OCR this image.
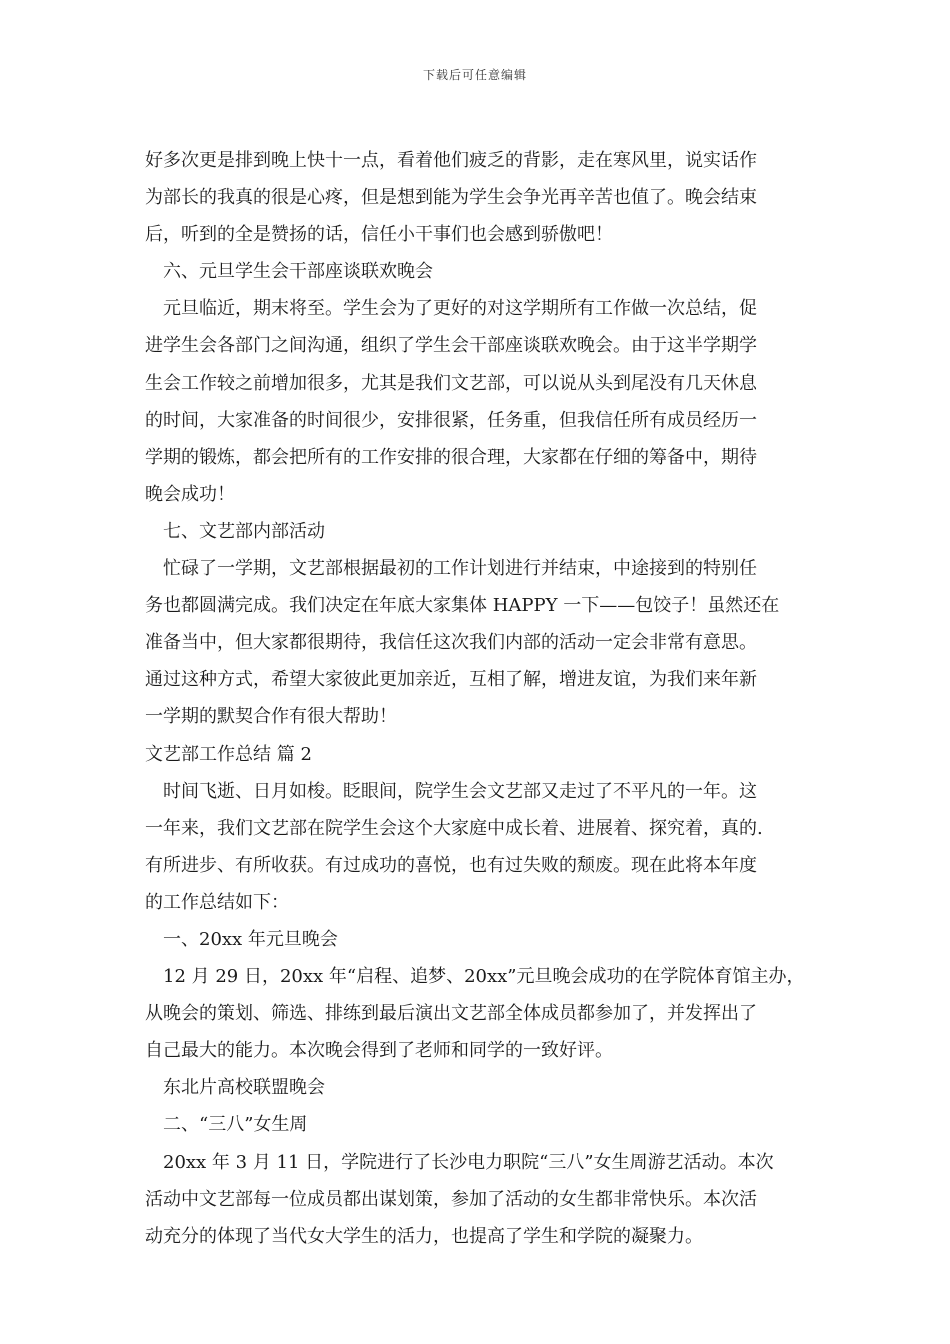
下载后可任意编辑
好多次更是排到晚上快十一点，看着他们疲乏的背影，走在寒风里，说实话作
为部长的我真的很是心疼，但是想到能为学生会争光再辛苦也值了。晚会结束
后，听到的全是赞扬的话，信任小干事们也会感到骄傲吧！
六、元旦学生会干部座谈联欢晚会
元旦临近，期末将至。学生会为了更好的对这学期所有工作做一次总结，促
进学生会各部门之间沟通，组织了学生会干部座谈联欢晚会。由于这半学期学
生会工作较之前增加很多，尤其是我们文艺部，可以说从头到尾没有几天休息
的时间，大家准备的时间很少，安排很紧，任务重，但我信任所有成员经历一
学期的锻炼，都会把所有的工作安排的很合理，大家都在仔细的筹备中，期待
晚会成功！
七、文艺部内部活动
忙碌了一学期，文艺部根据最初的工作计划进行并结束，中途接到的特别任
务也都圆满完成。我们决定在年底大家集体 HAPPY 一下——包饺子！虽然还在
准备当中，但大家都很期待，我信任这次我们内部的活动一定会非常有意思。
通过这种方式，希望大家彼此更加亲近，互相了解，增进友谊，为我们来年新
一学期的默契合作有很大帮助！
文艺部工作总结 篇 2
时间飞逝、日月如梭。眨眼间，院学生会文艺部又走过了不平凡的一年。这
一年来，我们文艺部在院学生会这个大家庭中成长着、进展着、探究着，真的.
有所进步、有所收获。有过成功的喜悦，也有过失败的颓废。现在此将本年度
的工作总结如下：
一、20xx 年元旦晚会
12 月 29 日，20xx 年“启程、追梦、20xx”元旦晚会成功的在学院体育馆主办，
从晚会的策划、筛选、排练到最后演出文艺部全体成员都参加了，并发挥出了
自己最大的能力。本次晚会得到了老师和同学的一致好评。
东北片高校联盟晚会
二、“三八”女生周
20xx 年 3 月 11 日，学院进行了长沙电力职院“三八”女生周游艺活动。本次
活动中文艺部每一位成员都出谋划策，参加了活动的女生都非常快乐。本次活
动充分的体现了当代女大学生的活力，也提高了学生和学院的凝聚力。
